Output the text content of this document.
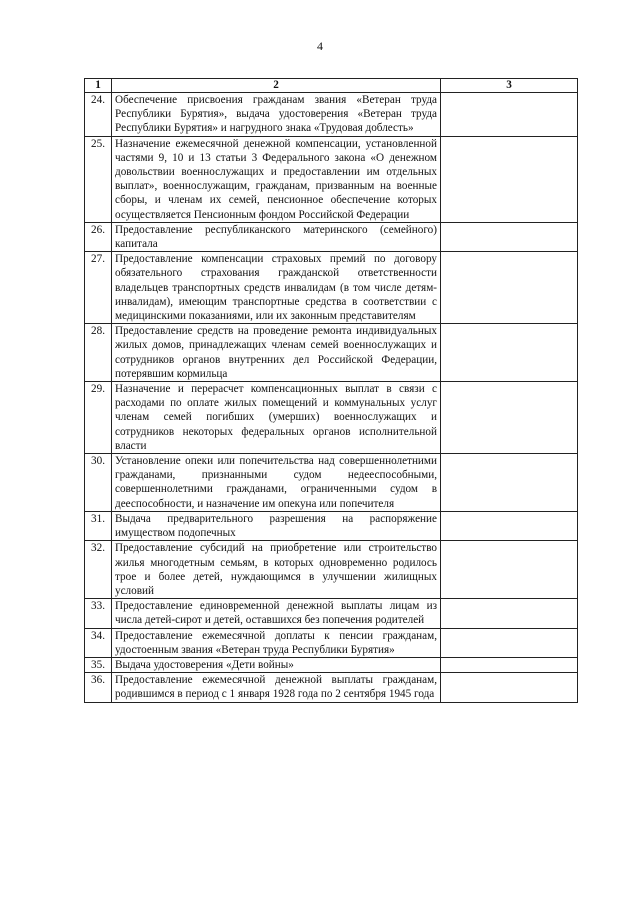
4
1	2	3
24.	Обеспечение присвоения гражданам звания «Ветеран труда Республики Бурятия», выдача удостоверения «Ветеран труда Республики Бурятия» и нагрудного знака «Трудовая доблесть»	
25.	Назначение ежемесячной денежной компенсации, установленной частями 9, 10 и 13 статьи 3 Федерального закона «О денежном довольствии военнослужащих и предоставлении им отдельных выплат», военнослужащим, гражданам, призванным на военные сборы, и членам их семей, пенсионное обеспечение которых осуществляется Пенсионным фондом Российской Федерации	
26.	Предоставление республиканского материнского (семейного) капитала	
27.	Предоставление компенсации страховых премий по договору обязательного страхования гражданской ответственности владельцев транспортных средств инвалидам (в том числе детям-инвалидам), имеющим транспортные средства в соответствии с медицинскими показаниями, или их законным представителям	
28.	Предоставление средств на проведение ремонта индивидуальных жилых домов, принадлежащих членам семей военнослужащих и сотрудников органов внутренних дел Российской Федерации, потерявшим кормильца	
29.	Назначение и перерасчет компенсационных выплат в связи с расходами по оплате жилых помещений и коммунальных услуг членам семей погибших (умерших) военнослужащих и сотрудников некоторых федеральных органов исполнительной власти	
30.	Установление опеки или попечительства над совершеннолетними гражданами, признанными судом недееспособными, совершеннолетними гражданами, ограниченными судом в дееспособности, и назначение им опекуна или попечителя	
31.	Выдача предварительного разрешения на распоряжение имуществом подопечных	
32.	Предоставление субсидий на приобретение или строительство жилья многодетным семьям, в которых одновременно родилось трое и более детей, нуждающимся в улучшении жилищных условий	
33.	Предоставление единовременной денежной выплаты лицам из числа детей-сирот и детей, оставшихся без попечения родителей	
34.	Предоставление ежемесячной доплаты к пенсии гражданам, удостоенным звания «Ветеран труда Республики Бурятия»	
35.	Выдача удостоверения «Дети войны»	
36.	Предоставление ежемесячной денежной выплаты гражданам, родившимся в период с 1 января 1928 года по 2 сентября 1945 года	
